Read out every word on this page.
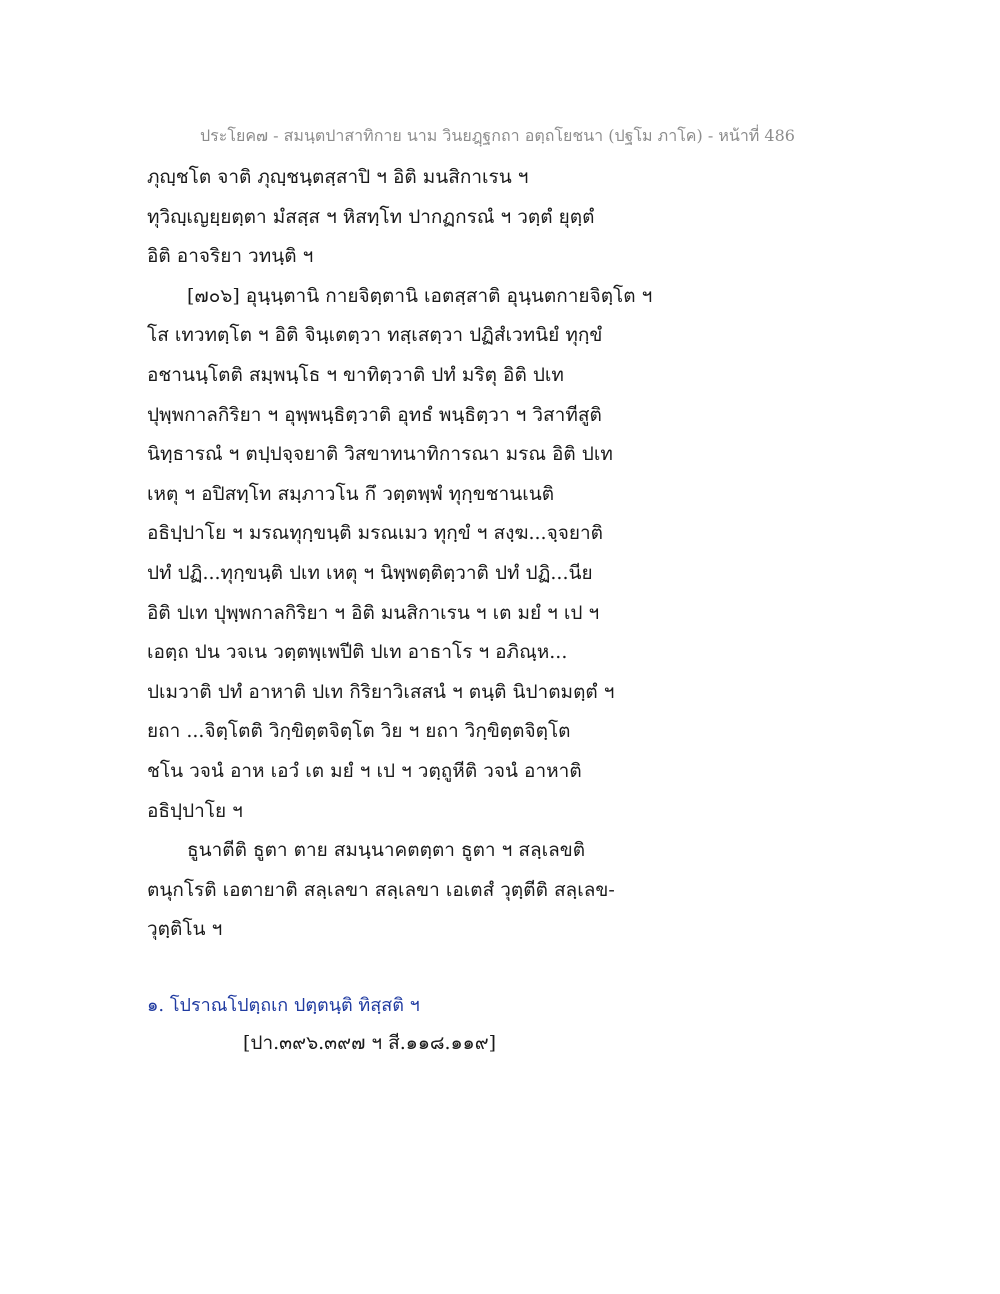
ประโยค๗ - สมนฺตปาสาทิกาย นาม วินยฎฺฐกถา อตฺถโยชนา (ปฐโม ภาโค) - หน้าที่ 486
ภุญฺชโต จาติ ภุญฺชนฺตสฺสาปิ ฯ อิติ มนสิกาเรน ฯ
ทุวิญฺเญยฺยตฺตา มํสสฺส ฯ หิสทฺโท ปากฏกรณํ ฯ วตฺตํ ยุตฺตํ
อิติ อาจริยา วทนฺติ ฯ
[๗๐๖] อุนฺนฺตานิ กายจิตฺตานิ เอตสฺสาติ อุนฺนตกายจิตฺโต ฯ
โส เทวทตฺโต ฯ อิติ จินฺเตตฺวา ทสฺเสตฺวา ปฏิสํเวทนิยํ ทุกฺขํ
อชานนฺโตติ สมฺพนฺโธ ฯ ขาทิตฺวาติ ปทํ มริตุ อิติ ปเท
ปุพฺพกาลกิริยา ฯ อุพฺพนฺธิตฺวาติ อุทธํ พนฺธิตฺวา ฯ วิสาทีสูติ
นิทฺธารณํ ฯ ตปฺปจฺจยาติ วิสขาทนาทิการณา มรณ อิติ ปเท
เหตุ ฯ อปิสทฺโท สมฺภาวโน กึ วตฺตพฺพํ ทุกฺขชานเนติ
อธิปฺปาโย ฯ มรณทุกฺขนฺติ มรณเมว ทุกฺขํ ฯ สงฺฆ...จฺจยาติ
ปทํ ปฏิ...ทุกฺขนฺติ ปเท เหตุ ฯ นิพฺพตฺติตฺวาติ ปทํ ปฏิ...นีย
อิติ ปเท ปุพฺพกาลกิริยา ฯ อิติ มนสิกาเรน ฯ เต มยํ ฯ เป ฯ
เอตฺถ ปน วจเน วตฺตพฺเพปีติ ปเท อาธาโร ฯ อภิณฺห...
ปเมวาติ ปทํ อาหาติ ปเท กิริยาวิเสสนํ ฯ ตนฺติ นิปาตมตฺตํ ฯ
ยถา ...จิตฺโตติ วิกฺขิตฺตจิตฺโต วิย ฯ ยถา วิกฺขิตฺตจิตฺโต
ชโน วจนํ อาห เอวํ เต มยํ ฯ เป ฯ วตฺถูหีติ วจนํ อาหาติ
อธิปฺปาโย ฯ
ธูนาตีติ ธูตา ตาย สมนฺนาคตตฺตา ธูตา ฯ สลฺเลขติ
ตนุกโรติ เอตายาติ สลฺเลขา สลฺเลขา เอเตสํ วุตฺตีติ สลฺเลข-
วุตฺติโน ฯ
๑. โปราณโปตฺถเก ปตฺตนฺติ ทิสฺสติ ฯ
[ปา.๓๙๖.๓๙๗ ฯ สี.๑๑๘.๑๑๙]
